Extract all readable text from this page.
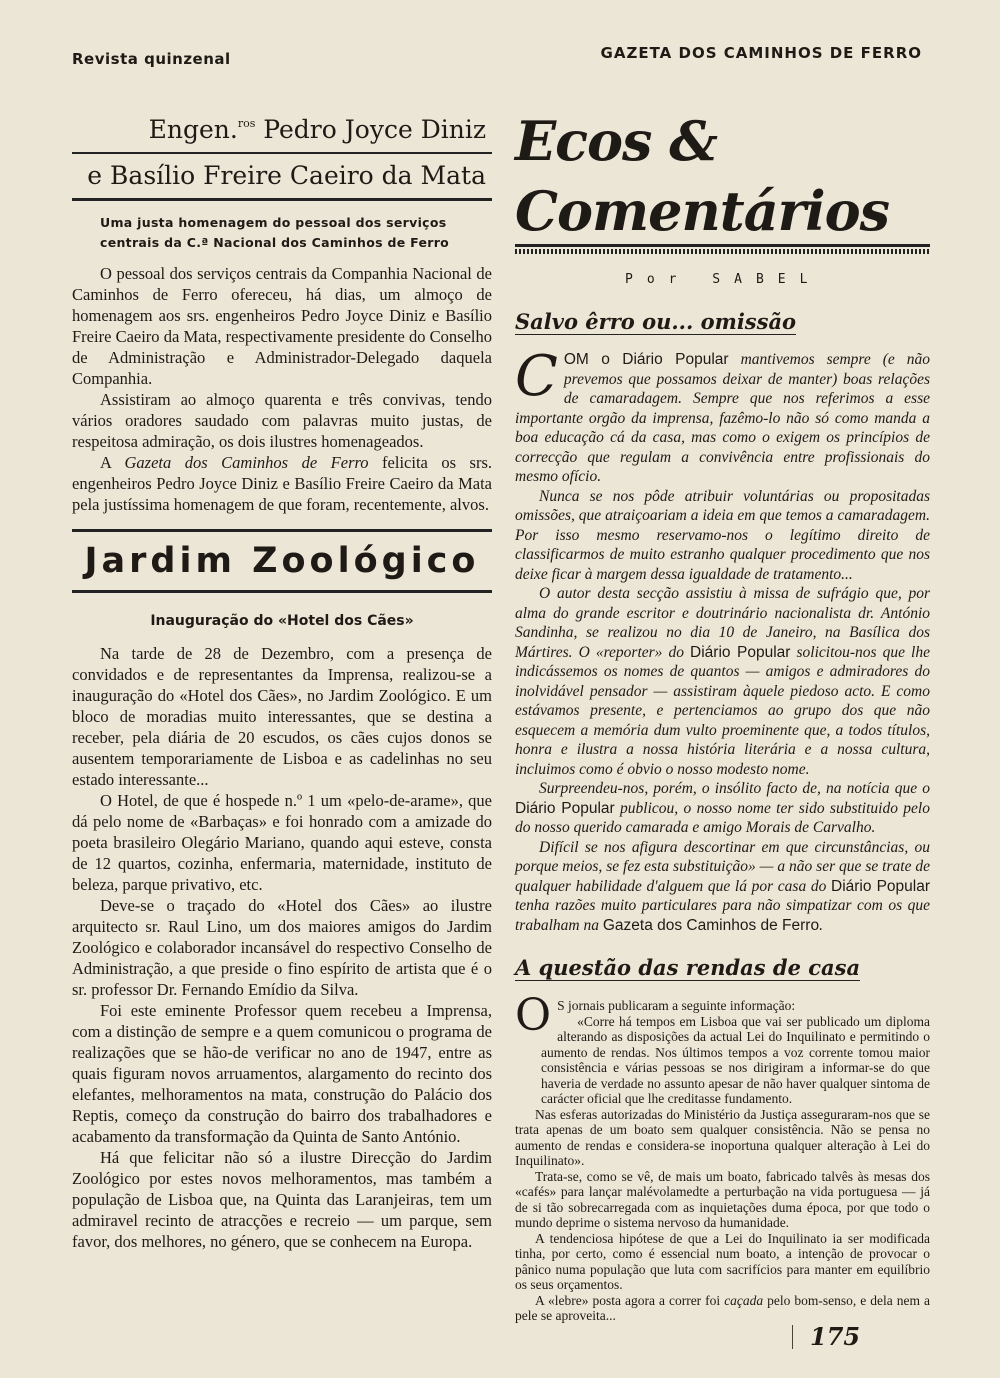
Revista quinzenal	GAZETA DOS CAMINHOS DE FERRO
Engen.$^{ros}$ Pedro Joyce Diniz
e Basílio Freire Caeiro da Mata
Uma justa homenagem do pessoal dos serviços
centrais da C.ª Nacional dos Caminhos de Ferro

O pessoal dos serviços centrais da Companhia Nacional de Caminhos de Ferro ofereceu, há dias, um almoço de homenagem aos srs. engenheiros Pedro Joyce Diniz e Basílio Freire Caeiro da Mata, respectivamente presidente do Conselho de Administração e Administrador-Delegado daquela Companhia.

Assistiram ao almoço quarenta e três convivas, tendo vários oradores saudado com palavras muito justas, de respeitosa admiração, os dois ilustres homenageados.

A Gazeta dos Caminhos de Ferro felicita os srs. engenheiros Pedro Joyce Diniz e Basílio Freire Caeiro da Mata pela justíssima homenagem de que foram, recentemente, alvos.

Jardim Zoológico
Inauguração do «Hotel dos Cães»

Na tarde de 28 de Dezembro, com a presença de convidados e de representantes da Imprensa, realizou-se a inauguração do «Hotel dos Cães», no Jardim Zoológico. E um bloco de moradias muito interessantes, que se destina a receber, pela diária de 20 escudos, os cães cujos donos se ausentem temporariamente de Lisboa e as cadelinhas no seu estado interessante...

O Hotel, de que é hospede n.º 1 um «pelo-de-arame», que dá pelo nome de «Barbaças» e foi honrado com a amizade do poeta brasileiro Olegário Mariano, quando aqui esteve, consta de 12 quartos, cozinha, enfermaria, maternidade, instituto de beleza, parque privativo, etc.

Deve-se o traçado do «Hotel dos Cães» ao ilustre arquitecto sr. Raul Lino, um dos maiores amigos do Jardim Zoológico e colaborador incansável do respectivo Conselho de Administração, a que preside o fino espírito de artista que é o sr. professor Dr. Fernando Emídio da Silva.

Foi este eminente Professor quem recebeu a Imprensa, com a distinção de sempre e a quem comunicou o programa de realizações que se hão-de verificar no ano de 1947, entre as quais figuram novos arruamentos, alargamento do recinto dos elefantes, melhoramentos na mata, construção do Palácio dos Reptis, começo da construção do bairro dos trabalhadores e acabamento da transformação da Quinta de Santo António.

Há que felicitar não só a ilustre Direcção do Jardim Zoológico por estes novos melhoramentos, mas também a população de Lisboa que, na Quinta das Laranjeiras, tem um admiravel recinto de atracções e recreio — um parque, sem favor, dos melhores, no género, que se conhecem na Europa.

Ecos & Comentários
Por SABEL
Salvo êrro ou... omissão

COM o Diário Popular mantivemos sempre (e não prevemos que possamos deixar de manter) boas relações de camaradagem. Sempre que nos referimos a esse importante orgão da imprensa, fazêmo-lo não só como manda a boa educação cá da casa, mas como o exigem os princípios de correcção que regulam a convivência entre profissionais do mesmo ofício.

Nunca se nos pôde atribuir voluntárias ou propositadas omissões, que atraiçoariam a ideia em que temos a camaradagem. Por isso mesmo reservamo-nos o legítimo direito de classificarmos de muito estranho qualquer procedimento que nos deixe ficar à margem dessa igualdade de tratamento...

O autor desta secção assistiu à missa de sufrágio que, por alma do grande escritor e doutrinário nacionalista dr. António Sandinha, se realizou no dia 10 de Janeiro, na Basílica dos Mártires. O «reporter» do Diário Popular solicitou-nos que lhe indicássemos os nomes de quantos — amigos e admiradores do inolvidável pensador — assistiram àquele piedoso acto. E como estávamos presente, e pertenciamos ao grupo dos que não esquecem a memória dum vulto proeminente que, a todos títulos, honra e ilustra a nossa história literária e a nossa cultura, incluimos como é obvio o nosso modesto nome.

Surpreendeu-nos, porém, o insólito facto de, na notícia que o Diário Popular publicou, o nosso nome ter sido substituido pelo do nosso querido camarada e amigo Morais de Carvalho.

Difícil se nos afigura descortinar em que circunstâncias, ou porque meios, se fez esta substituição» — a não ser que se trate de qualquer habilidade d'alguem que lá por casa do Diário Popular tenha razões muito particulares para não simpatizar com os que trabalham na Gazeta dos Caminhos de Ferro.

A questão das rendas de casa

O S jornais publicaram a seguinte informação:

«Corre há tempos em Lisboa que vai ser publicado um diploma alterando as disposições da actual Lei do Inquilinato e permitindo o aumento de rendas. Nos últimos tempos a voz corrente tomou maior consistência e várias pessoas se nos dirigiram a informar-se do que haveria de verdade no assunto apesar de não haver qualquer sintoma de carácter oficial que lhe creditasse fundamento.

Nas esferas autorizadas do Ministério da Justiça asseguraram-nos que se trata apenas de um boato sem qualquer consistência. Não se pensa no aumento de rendas e considera-se inoportuna qualquer alteração à Lei do Inquilinato».

Trata-se, como se vê, de mais um boato, fabricado talvês às mesas dos «cafés» para lançar malévolamedte a perturbação na vida portuguesa — já de si tão sobrecarregada com as inquietações duma época, por que todo o mundo deprime o sistema nervoso da humanidade.

A tendenciosa hipótese de que a Lei do Inquilinato ia ser modificada tinha, por certo, como é essencial num boato, a intenção de provocar o pânico numa população que luta com sacrifícios para manter em equilíbrio os seus orçamentos.

A «lebre» posta agora a correr foi caçada pelo bom-senso, e dela nem a pele se aproveita...

175
